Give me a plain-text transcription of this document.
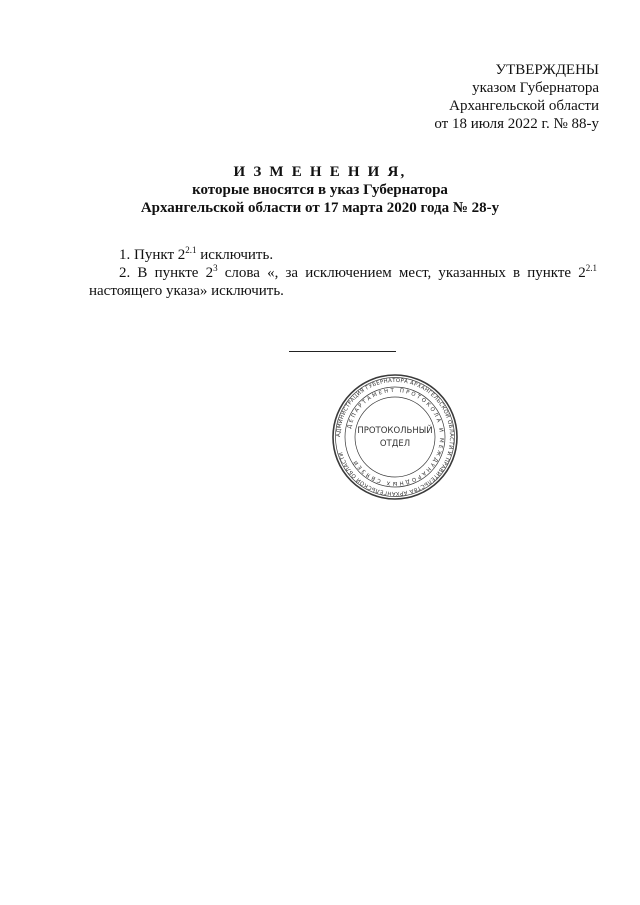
УТВЕРЖДЕНЫ
указом Губернатора
Архангельской области
от 18 июля 2022 г. № 88-у
И З М Е Н Е Н И Я,
которые вносятся в указ Губернатора
Архангельской области от 17 марта 2020 года № 28-у
1. Пункт $2^{2.1}$ исключить.
2. В пункте $2^3$ слова «, за исключением мест, указанных в пункте $2^{2.1}$
настоящего указа» исключить.
АДМИНИСТРАЦИЯ ГУБЕРНАТОРА АРХАНГЕЛЬСКОЙ ОБЛАСТИ И ПРАВИТЕЛЬСТВА АРХАНГЕЛЬСКОЙ ОБЛАСТИ
ДЕПАРТАМЕНТ ПРОТОКОЛА И МЕЖДУНАРОДНЫХ СВЯЗЕЙ
ПРОТОКОЛЬНЫЙ
ОТДЕЛ
